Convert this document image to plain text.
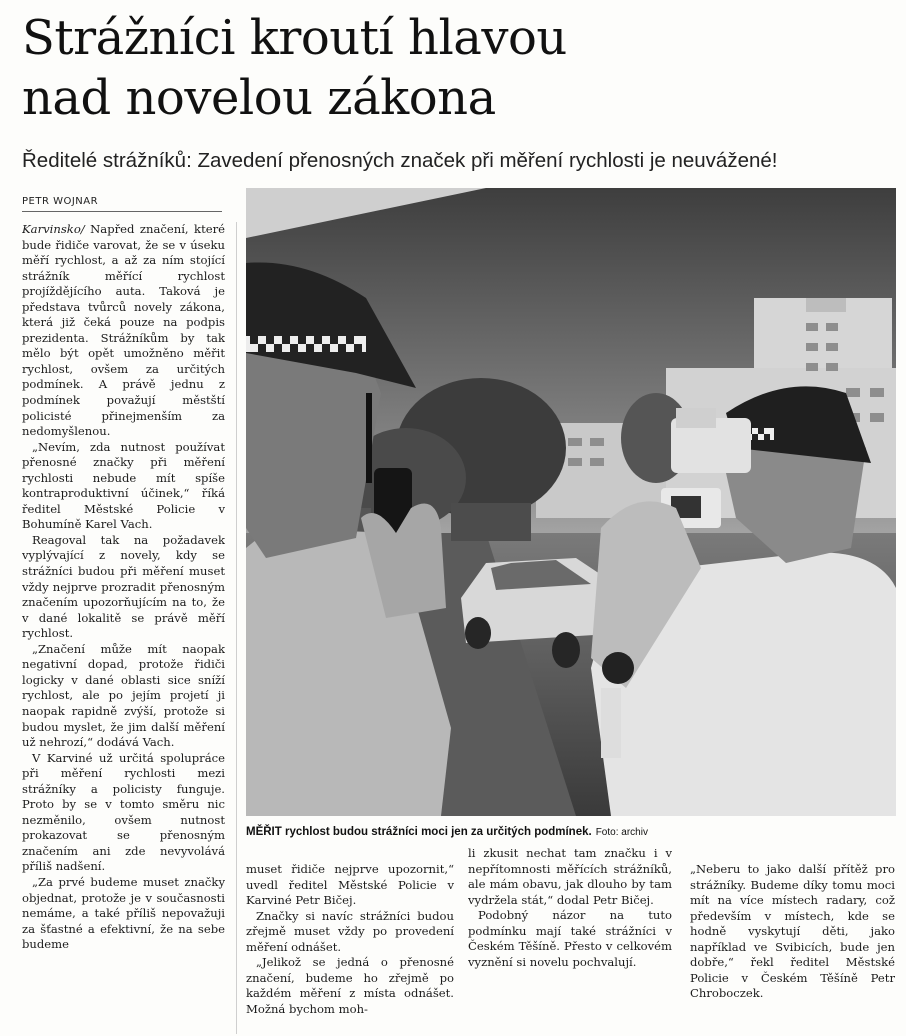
Strážníci kroutí hlavou
nad novelou zákona
Ředitelé strážníků: Zavedení přenosných značek při měření rychlosti je neuvážené!
PETR WOJNAR

Karvinsko/ Napřed značení, které bude řidiče varovat, že se v úseku měří rychlost, a až za ním stojící strážník měřící rychlost projíždějícího auta. Taková je představa tvůrců novely zákona, která již čeká pouze na podpis prezidenta. Strážníkům by tak mělo být opět umožněno měřit rychlost, ovšem za určitých podmínek. A právě jednu z podmínek považují městští policisté přinejmenším za nedomyšlenou.

„Nevím, zda nutnost používat přenosné značky při měření rychlosti nebude mít spíše kontraproduktivní účinek,“ říká ředitel Městské Policie v Bohumíně Karel Vach.

Reagoval tak na požadavek vyplývající z novely, kdy se strážníci budou při měření muset vždy nejprve prozradit přenosným značením upozorňujícím na to, že v dané lokalitě se právě měří rychlost.

„Značení může mít naopak negativní dopad, protože řidiči logicky v dané oblasti sice sníží rychlost, ale po jejím projetí ji naopak rapidně zvýší, protože si budou myslet, že jim další měření už nehrozí,“ dodává Vach.

V Karviné už určitá spolupráce při měření rychlosti mezi strážníky a policisty funguje. Proto by se v tomto směru nic nezměnilo, ovšem nutnost prokazovat se přenosným značením ani zde nevyvolává příliš nadšení.

„Za prvé budeme muset značky objednat, protože je v současnosti nemáme, a také příliš nepovažuji za šťastné a efektivní, že na sebe budeme

MĚŘIT rychlost budou strážníci moci jen za určitých podmínek. Foto: archiv

muset řidiče nejprve upozornit,“ uvedl ředitel Městské Policie v Karviné Petr Bičej.

Značky si navíc strážníci budou zřejmě muset vždy po provedení měření odnášet.

„Jelikož se jedná o přenosné značení, budeme ho zřejmě po každém měření z místa odnášet. Možná bychom moh-

li zkusit nechat tam značku i v nepřítomnosti měřících strážníků, ale mám obavu, jak dlouho by tam vydržela stát,“ dodal Petr Bičej.

Podobný názor na tuto podmínku mají také strážníci v Českém Těšíně. Přesto v celkovém vyznění si novelu pochvalují.

„Neberu to jako další přítěž pro strážníky. Budeme díky tomu moci mít na více místech radary, což především v místech, kde se hodně vyskytují děti, jako například ve Svibicích, bude jen dobře,“ řekl ředitel Městské Policie v Českém Těšíně Petr Chroboczek.
